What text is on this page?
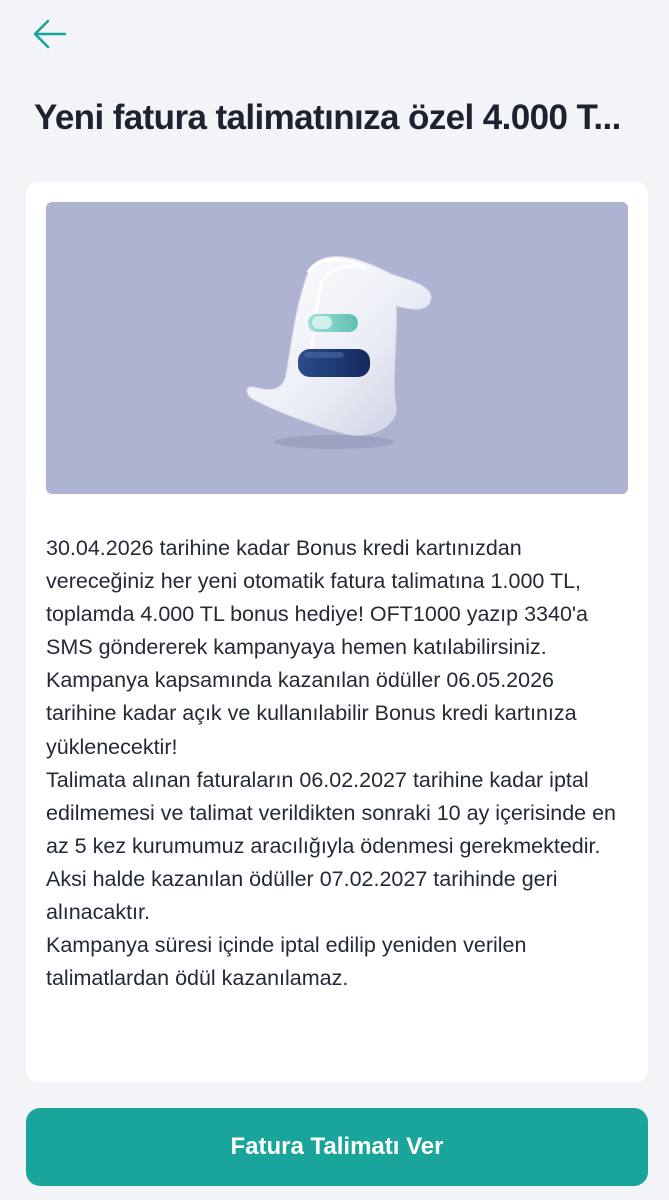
Yeni fatura talimatınıza özel 4.000 T...

30.04.2026 tarihine kadar Bonus kredi kartınızdan vereceğiniz her yeni otomatik fatura talimatına 1.000 TL, toplamda 4.000 TL bonus hediye! OFT1000 yazıp 3340'a SMS göndererek kampanyaya hemen katılabilirsiniz.

Kampanya kapsamında kazanılan ödüller 06.05.2026 tarihine kadar açık ve kullanılabilir Bonus kredi kartınıza yüklenecektir!

Talimata alınan faturaların 06.02.2027 tarihine kadar iptal edilmemesi ve talimat verildikten sonraki 10 ay içerisinde en az 5 kez kurumumuz aracılığıyla ödenmesi gerekmektedir. Aksi halde kazanılan ödüller 07.02.2027 tarihinde geri alınacaktır.

Kampanya süresi içinde iptal edilip yeniden verilen talimatlardan ödül kazanılamaz.

Fatura Talimatı Ver
